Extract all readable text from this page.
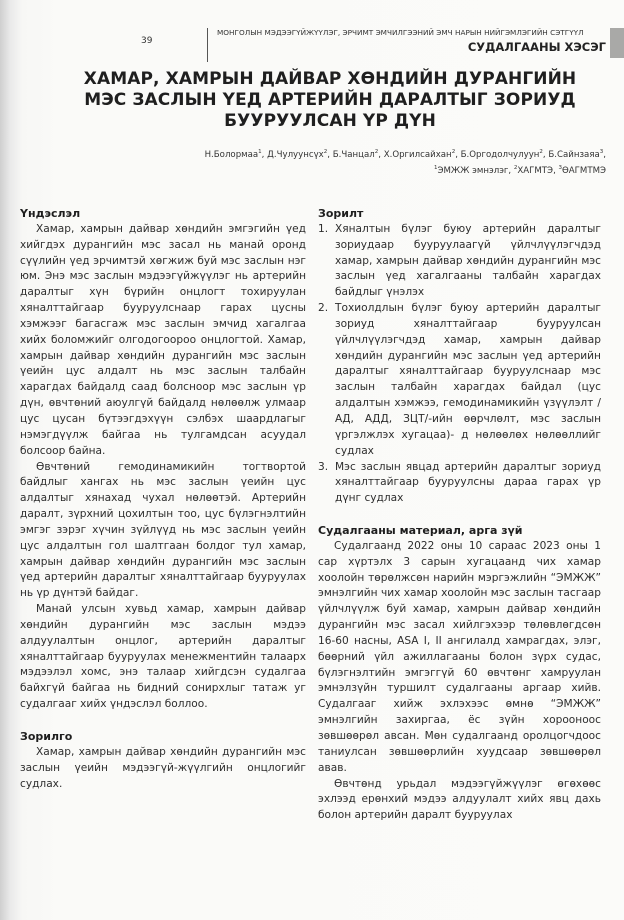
39
МОНГОЛЫН МЭДЭЭГҮЙЖҮҮЛЭГ, ЭРЧИМТ ЭМЧИЛГЭЭНИЙ ЭМЧ НАРЫН НИЙГЭМЛЭГИЙН СЭТГҮҮЛ
СУДАЛГААНЫ ХЭСЭГ
ХАМАР, ХАМРЫН ДАЙВАР ХӨНДИЙН ДУРАНГИЙН
МЭС ЗАСЛЫН ҮЕД АРТЕРИЙН ДАРАЛТЫГ ЗОРИУД
БУУРУУЛСАН ҮР ДҮН
Н.Болормаа$^1$, Д.Чулуунсүх$^2$, Б.Чанцал$^2$, Х.Оргилсайхан$^2$, Б.Оргодолчулуун$^2$, Б.Сайнзаяа$^3$,
$^1$ЭМЖЖ эмнэлэг, $^2$ХАГМТЭ, $^3$ӨАГМТМЭ
Үндэслэл

Хамар, хамрын дайвар хөндийн эмгэгийн үед хийгдэх дурангийн мэс засал нь манай оронд сүүлийн үед эрчимтэй хөгжиж буй мэс заслын нэг юм. Энэ мэс заслын мэдээгүйжүүлэг нь артерийн даралтыг хүн бүрийн онцлогт тохируулан хяналттайгаар бууруулснаар гарах цусны хэмжээг багасгаж мэс заслын эмчид хагалгаа хийх боломжийг олгодогоороо онцлогтой. Хамар, хамрын дайвар хөндийн дурангийн мэс заслын үеийн цус алдалт нь мэс заслын талбайн харагдах байдалд саад болсноор мэс заслын үр дүн, өвчтөний аюулгүй байдалд нөлөөлж улмаар цус цусан бүтээгдэхүүн сэлбэх шаардлагыг нэмэгдүүлж байгаа нь тулгамдсан асуудал болсоор байна.

Өвчтөний гемодинамикийн тогтвортой байдлыг хангах нь мэс заслын үеийн цус алдалтыг хянахад чухал нөлөөтэй. Артерийн даралт, зүрхний цохилтын тоо, цус бүлэгнэлтийн эмгэг зэрэг хүчин зүйлүүд нь мэс заслын үеийн цус алдалтын гол шалтгаан болдог тул хамар, хамрын дайвар хөндийн дурангийн мэс заслын үед артерийн даралтыг хяналттайгаар бууруулах нь үр дүнтэй байдаг.

Манай улсын хувьд хамар, хамрын дайвар хөндийн дурангийн мэс заслын мэдээ алдуулалтын онцлог, артерийн даралтыг хяналттайгаар бууруулах менежментийн талаарх мэдээлэл хомс, энэ талаар хийгдсэн судалгаа байхгүй байгаа нь бидний сонирхлыг татаж уг судалгааг хийх үндэслэл боллоо.

Зорилго

Хамар, хамрын дайвар хөндийн дурангийн мэс заслын үеийн мэдээгүй-жүүлгийн онцлогийг судлах.

Зорилт
1. Хяналтын бүлэг буюу артерийн даралтыг зориудаар бууруулаагүй үйлчлүүлэгчдэд хамар, хамрын дайвар хөндийн дурангийн мэс заслын үед хагалгааны талбайн харагдах байдлыг үнэлэх
2. Тохиолдлын бүлэг буюу артерийн даралтыг зориуд хяналттайгаар бууруулсан үйлчлүүлэгчдэд хамар, хамрын дайвар хөндийн дурангийн мэс заслын үед артерийн даралтыг хяналттайгаар бууруулснаар мэс заслын талбайн харагдах байдал (цус алдалтын хэмжээ, гемодинамикийн үзүүлэлт / АД, АДД, ЗЦТ/-ийн өөрчлөлт, мэс заслын үргэлжлэх хугацаа)- д нөлөөлөх нөлөөллийг судлах
3. Мэс заслын явцад артерийн даралтыг зориуд хяналттайгаар бууруулсны дараа гарах үр дүнг судлах
Судалгааны материал, арга зүй

Судалгаанд 2022 оны 10 сараас 2023 оны 1 сар хүртэлх 3 сарын хугацаанд чих хамар хоолойн төрөлжсөн нарийн мэргэжлийн “ЭМЖЖ” эмнэлгийн чих хамар хоолойн мэс заслын тасгаар үйлчлүүлж буй хамар, хамрын дайвар хөндийн дурангийн мэс засал хийлгэхээр төлөвлөгдсөн 16-60 насны, ASA I, II ангилалд хамрагдах, элэг, бөөрний үйл ажиллагааны болон зүрх судас, бүлэгнэлтийн эмгэггүй 60 өвчтөнг хамруулан эмнэлзүйн туршилт судалгааны аргаар хийв. Судалгааг хийж эхлэхээс өмнө “ЭМЖЖ” эмнэлгийн захиргаа, ёс зүйн хорооноос зөвшөөрөл авсан. Мөн судалгаанд оролцогчдоос таниулсан зөвшөөрлийн хуудсаар зөвшөөрөл авав.

Өвчтөнд урьдал мэдээгүйжүүлэг өгөхөөс эхлээд ерөнхий мэдээ алдуулалт хийх явц дахь болон артерийн даралт бууруулах
